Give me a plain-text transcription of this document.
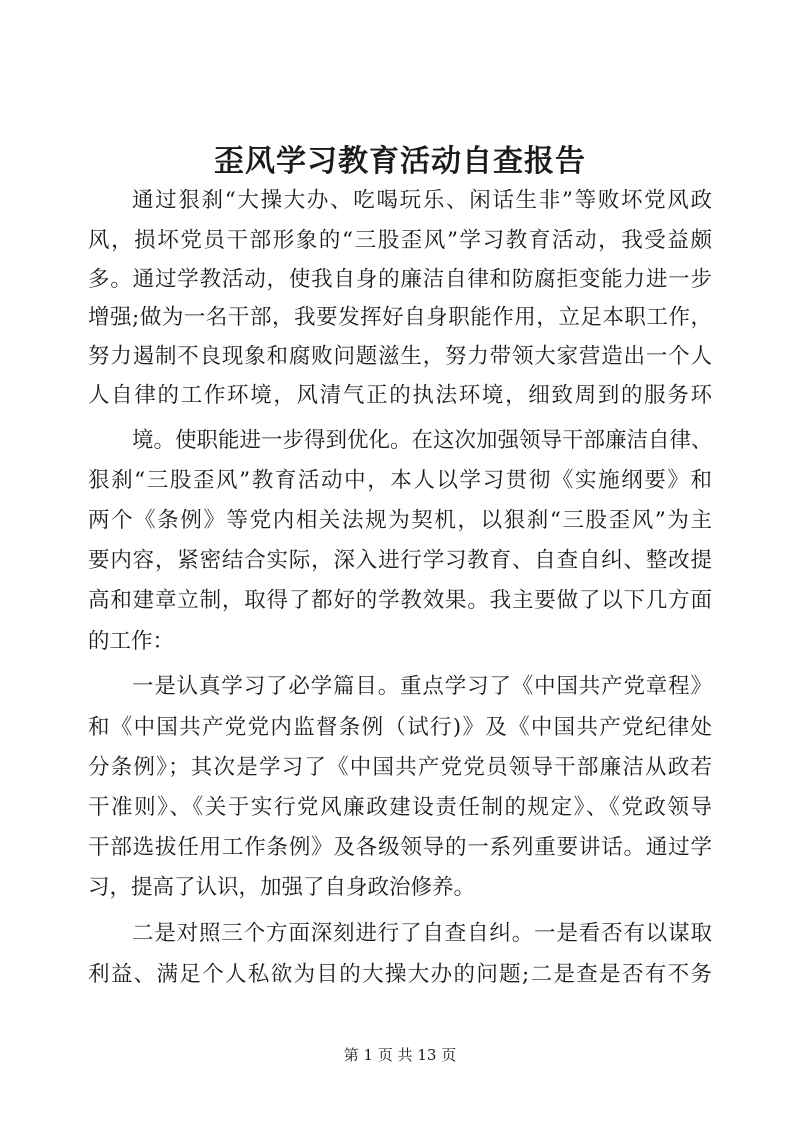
歪风学习教育活动自查报告
通过狠刹“大操大办、吃喝玩乐、闲话生非”等败坏党风政
风，损坏党员干部形象的“三股歪风”学习教育活动，我受益颇
多。通过学教活动，使我自身的廉洁自律和防腐拒变能力进一步
增强;做为一名干部，我要发挥好自身职能作用，立足本职工作，
努力遏制不良现象和腐败问题滋生，努力带领大家营造出一个人
人自律的工作环境，风清气正的执法环境，细致周到的服务环
境。使职能进一步得到优化。在这次加强领导干部廉洁自律、
狠刹“三股歪风”教育活动中，本人以学习贯彻《实施纲要》和
两个《条例》等党内相关法规为契机，以狠刹“三股歪风”为主
要内容，紧密结合实际，深入进行学习教育、自查自纠、整改提
高和建章立制，取得了都好的学教效果。我主要做了以下几方面
的工作：
一是认真学习了必学篇目。重点学习了《中国共产党章程》
和《中国共产党党内监督条例（试行)》及《中国共产党纪律处
分条例》；其次是学习了《中国共产党党员领导干部廉洁从政若
干准则》、《关于实行党风廉政建设责任制的规定》、《党政领导
干部选拔任用工作条例》及各级领导的一系列重要讲话。通过学
习，提高了认识，加强了自身政治修养。
二是对照三个方面深刻进行了自查自纠。一是看否有以谋取
利益、满足个人私欲为目的大操大办的问题;二是查是否有不务
第 1 页 共 13 页
